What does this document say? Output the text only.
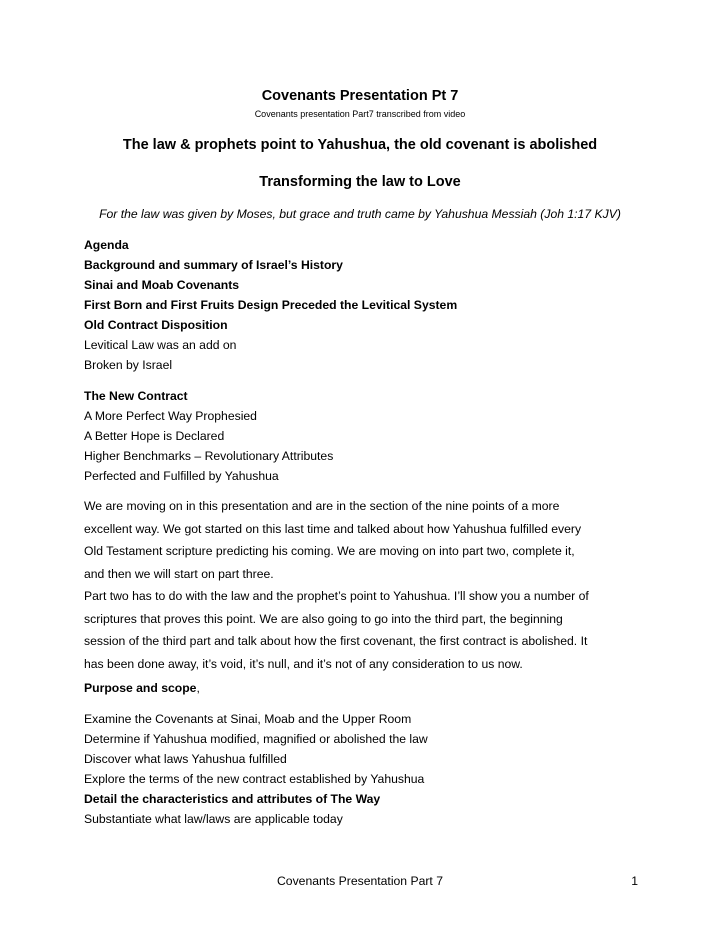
Covenants Presentation Pt 7
Covenants presentation Part7 transcribed from video
The law & prophets point to Yahushua, the old covenant is abolished
Transforming the law to Love
For the law was given by Moses, but grace and truth came by Yahushua Messiah (Joh 1:17 KJV)
Agenda
Background and summary of Israel’s History
Sinai and Moab Covenants
First Born and First Fruits Design Preceded the Levitical System
Old Contract Disposition
Levitical Law was an add on
Broken by Israel
The New Contract
A More Perfect Way Prophesied
A Better Hope is Declared
Higher Benchmarks – Revolutionary Attributes
Perfected and Fulfilled by Yahushua
We are moving on in this presentation and are in the section of the nine points of a more
excellent way. We got started on this last time and talked about how Yahushua fulfilled every
Old Testament scripture predicting his coming. We are moving on into part two, complete it,
and then we will start on part three.
Part two has to do with the law and the prophet’s point to Yahushua. I’ll show you a number of
scriptures that proves this point. We are also going to go into the third part, the beginning
session of the third part and talk about how the first covenant, the first contract is abolished. It
has been done away, it’s void, it’s null, and it’s not of any consideration to us now.
Purpose and scope,
Examine the Covenants at Sinai, Moab and the Upper Room
Determine if Yahushua modified, magnified or abolished the law
Discover what laws Yahushua fulfilled
Explore the terms of the new contract established by Yahushua
Detail the characteristics and attributes of The Way
Substantiate what law/laws are applicable today
Covenants Presentation Part 7	1
